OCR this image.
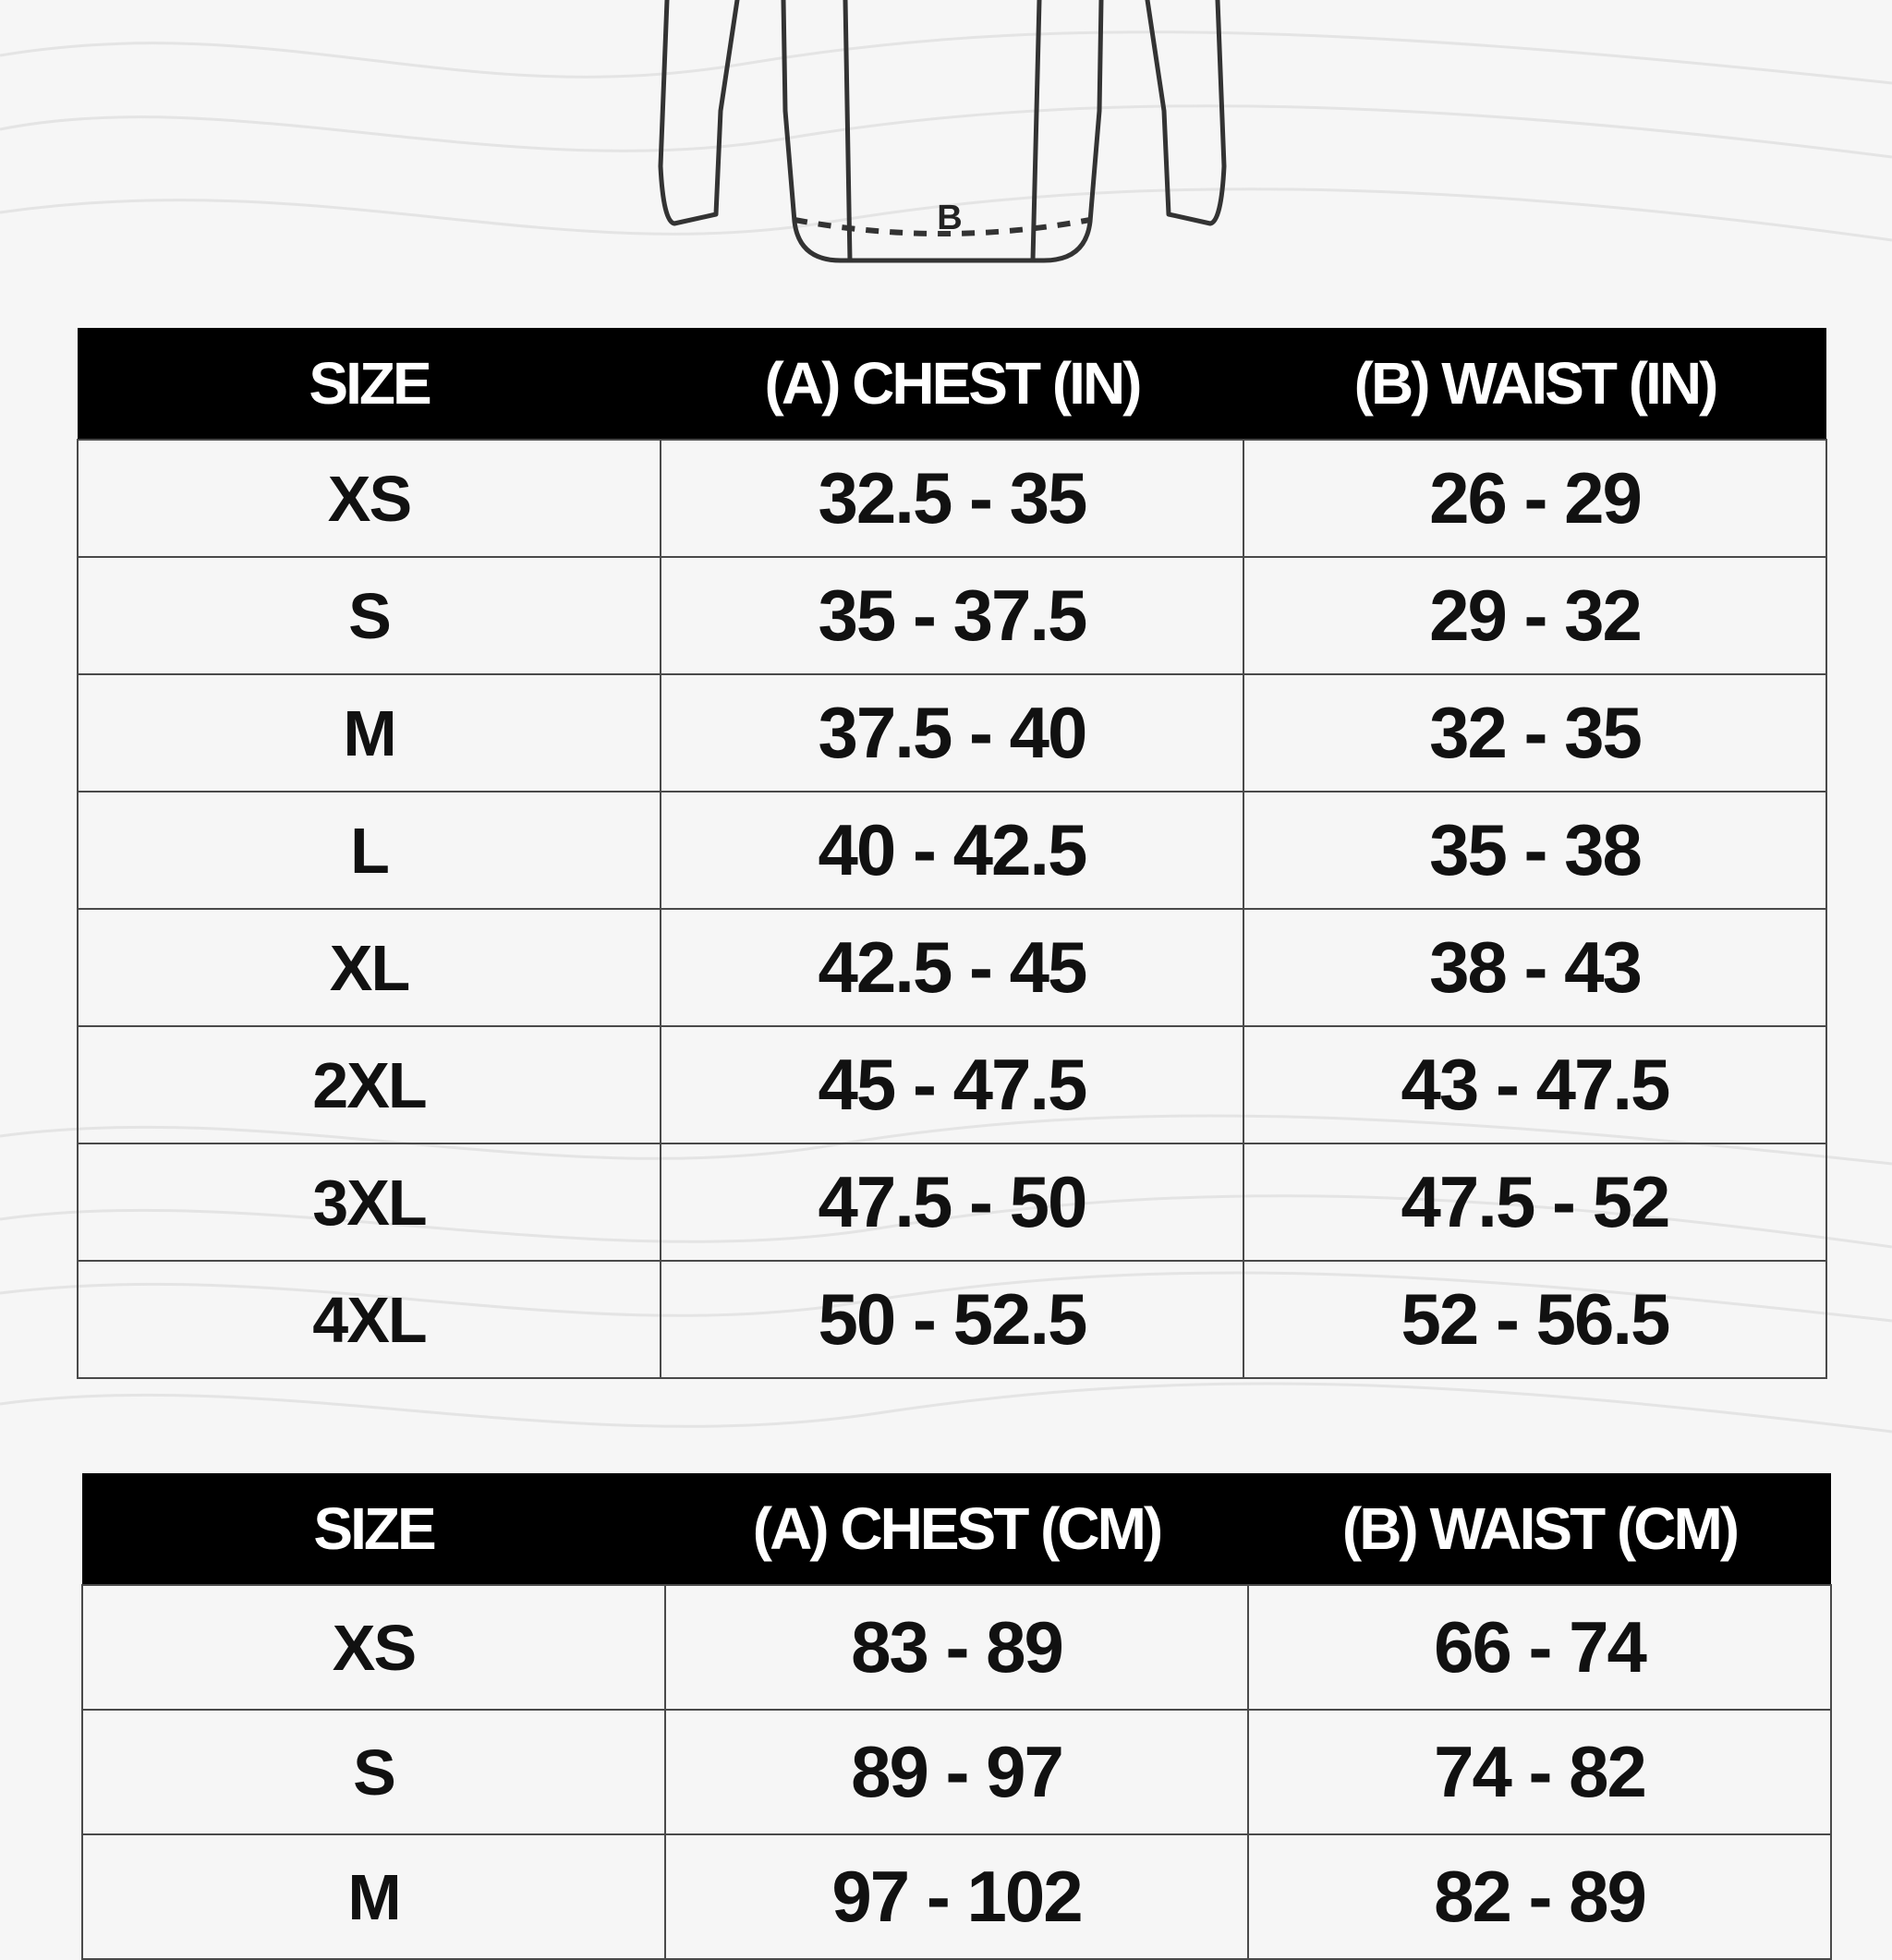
B
SIZE	(A) CHEST (IN)	(B) WAIST (IN)
XS	32.5 - 35	26 - 29
S	35 - 37.5	29 - 32
M	37.5 - 40	32 - 35
L	40 - 42.5	35 - 38
XL	42.5 - 45	38 - 43
2XL	45 - 47.5	43 - 47.5
3XL	47.5 - 50	47.5 - 52
4XL	50 - 52.5	52 - 56.5
SIZE	(A) CHEST (CM)	(B) WAIST (CM)
XS	83 - 89	66 - 74
S	89 - 97	74 - 82
M	97 - 102	82 - 89
